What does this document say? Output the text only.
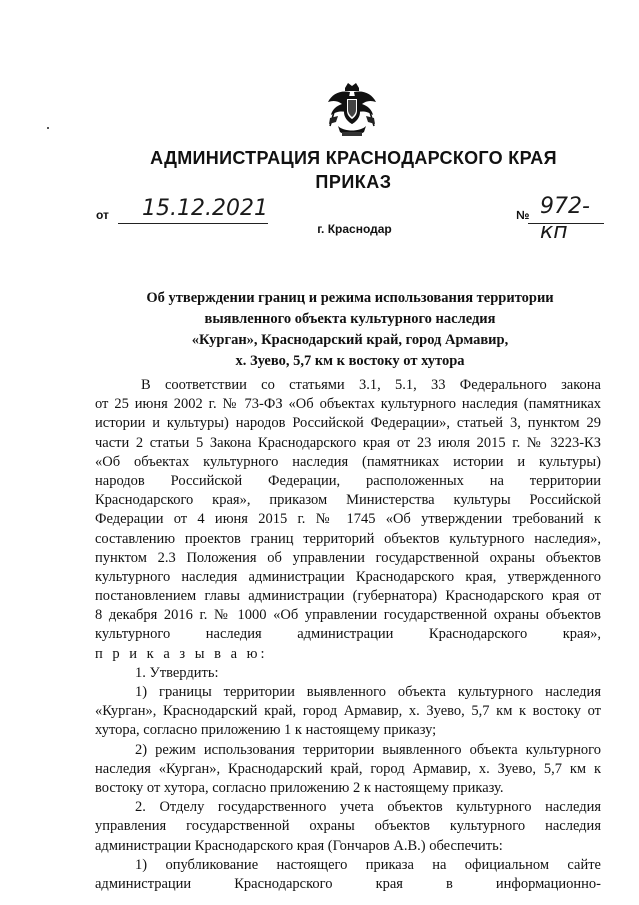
АДМИНИСТРАЦИЯ КРАСНОДАРСКОГО КРАЯ
ПРИКАЗ
от 15.12.2021	№ 972-кп
г. Краснодар
Об утверждении границ и режима использования территории
выявленного объекта культурного наследия
«Курган», Краснодарский край, город Армавир,
х. Зуево, 5,7 км к востоку от хутора
В соответствии со статьями 3.1, 5.1, 33 Федерального закона
от 25 июня 2002 г. № 73-ФЗ «Об объектах культурного наследия (памятниках
истории и культуры) народов Российской Федерации», статьей 3, пунктом 29
части 2 статьи 5 Закона Краснодарского края от 23 июля 2015 г. № 3223-КЗ
«Об объектах культурного наследия (памятниках истории и культуры)
народов Российской Федерации, расположенных на территории
Краснодарского края», приказом Министерства культуры Российской
Федерации от 4 июня 2015 г. № 1745 «Об утверждении требований к
составлению проектов границ территорий объектов культурного наследия»,
пунктом 2.3 Положения об управлении государственной охраны объектов
культурного наследия администрации Краснодарского края, утвержденного
постановлением главы администрации (губернатора) Краснодарского края от
8 декабря 2016 г. № 1000 «Об управлении государственной охраны объектов
культурного наследия администрации Краснодарского края»,
п р и к а з ы в а ю:
1. Утвердить:
1) границы территории выявленного объекта культурного наследия
«Курган», Краснодарский край, город Армавир, х. Зуево, 5,7 км к востоку от
хутора, согласно приложению 1 к настоящему приказу;
2) режим использования территории выявленного объекта культурного
наследия «Курган», Краснодарский край, город Армавир, х. Зуево, 5,7 км к
востоку от хутора, согласно приложению 2 к настоящему приказу.
2. Отделу государственного учета объектов культурного наследия
управления государственной охраны объектов культурного наследия
администрации Краснодарского края (Гончаров А.В.) обеспечить:
1) опубликование настоящего приказа на официальном сайте
администрации Краснодарского края в информационно-
